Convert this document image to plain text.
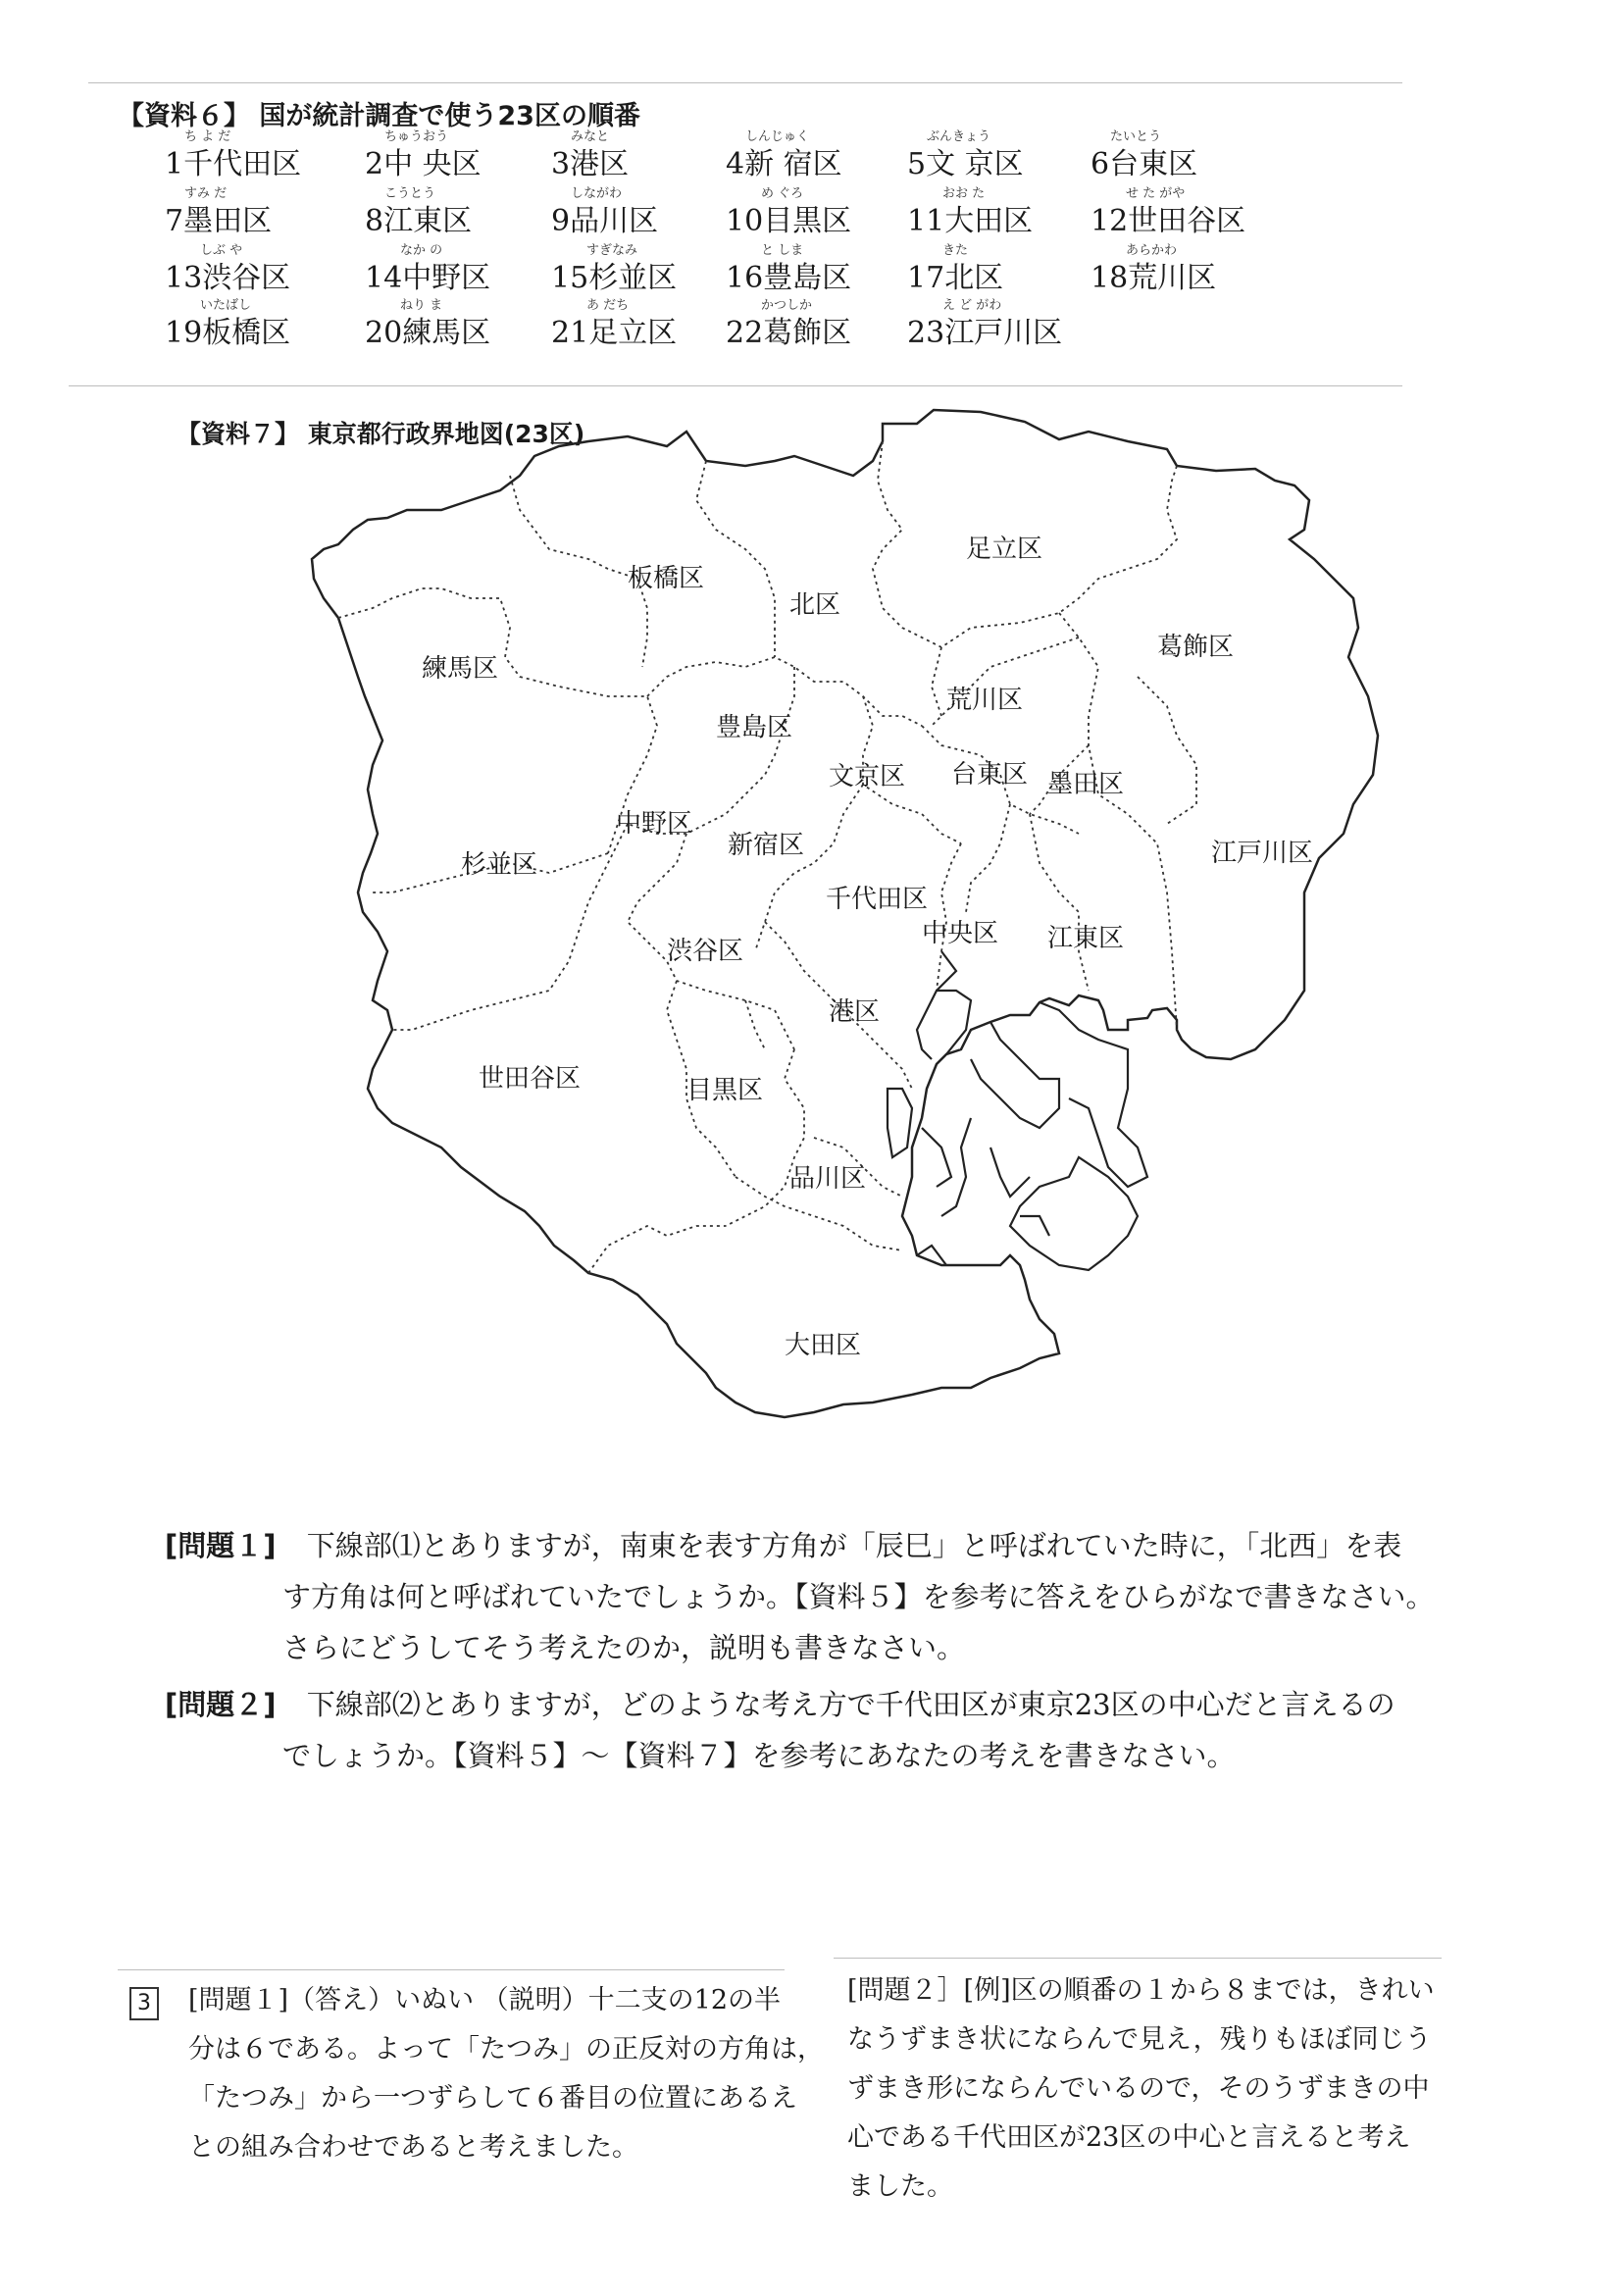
【資料６】 国が統計調査で使う23区の順番
ち よ だ
1千代田区
ちゅうおう
2中 央区
みなと
3港区
しんじゅく
4新 宿区
ぶんきょう
5文 京区
たいとう
6台東区
すみ だ
7墨田区
こうとう
8江東区
しながわ
9品川区
め ぐろ
10目黒区
おお た
11大田区
せ た がや
12世田谷区
しぶ や
13渋谷区
なか の
14中野区
すぎなみ
15杉並区
と しま
16豊島区
きた
17北区
あらかわ
18荒川区
いたばし
19板橋区
ねり ま
20練馬区
あ だち
21足立区
かつしか
22葛飾区
え ど がわ
23江戸川区
【資料７】 東京都行政界地図(23区)
足立区
板橋区
北区
葛飾区
練馬区
荒川区
豊島区
文京区 台東区 墨田区
中野区
新宿区
杉並区	江戸川区
千代田区
中央区 江東区
渋谷区
港区
世田谷区	目黒区
品川区
大田区
[問題１] 下線部⑴とありますが，南東を表す方角が「辰巳」と呼ばれていた時に，「北西」を表
す方角は何と呼ばれていたでしょうか。【資料５】を参考に答えをひらがなで書きなさい。
さらにどうしてそう考えたのか，説明も書きなさい。
[問題２] 下線部⑵とありますが，どのような考え方で千代田区が東京23区の中心だと言えるの
でしょうか。【資料５】～【資料７】を参考にあなたの考えを書きなさい。
3 [問題１]（答え）いぬい （説明）十二支の12の半
分は６である。よって「たつみ」の正反対の方角は，
「たつみ」から一つずらして６番目の位置にあるえ
との組み合わせであると考えました。
[問題２］[例]区の順番の１から８までは，きれい
なうずまき状にならんで見え，残りもほぼ同じう
ずまき形にならんでいるので，そのうずまきの中
心である千代田区が23区の中心と言えると考え
ました。
